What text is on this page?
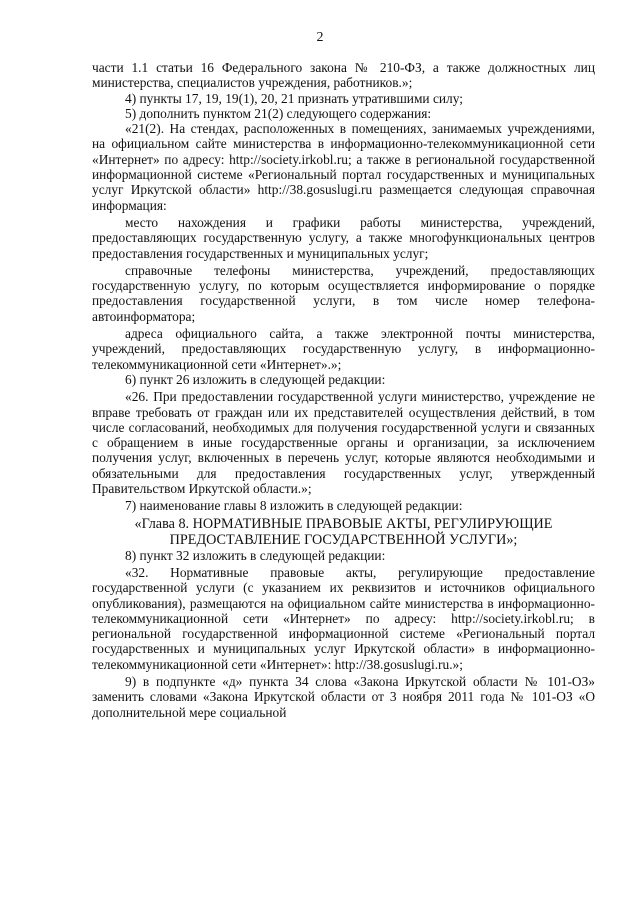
2

части 1.1 статьи 16 Федерального закона № 210-ФЗ, а также должностных лиц министерства, специалистов учреждения, работников.»;

4) пункты 17, 19, 19(1), 20, 21 признать утратившими силу;

5) дополнить пунктом 21(2) следующего содержания:

«21(2). На стендах, расположенных в помещениях, занимаемых учреждениями, на официальном сайте министерства в информационно-телекоммуникационной сети «Интернет» по адресу: http://society.irkobl.ru; а также в региональной государственной информационной системе «Региональный портал государственных и муниципальных услуг Иркутской области» http://38.gosuslugi.ru размещается следующая справочная информация:

место нахождения и графики работы министерства, учреждений, предоставляющих государственную услугу, а также многофункциональных центров предоставления государственных и муниципальных услуг;

справочные телефоны министерства, учреждений, предоставляющих государственную услугу, по которым осуществляется информирование о порядке предоставления государственной услуги, в том числе номер телефона-автоинформатора;

адреса официального сайта, а также электронной почты министерства, учреждений, предоставляющих государственную услугу, в информационно-телекоммуникационной сети «Интернет».»;

6) пункт 26 изложить в следующей редакции:

«26. При предоставлении государственной услуги министерство, учреждение не вправе требовать от граждан или их представителей осуществления действий, в том числе согласований, необходимых для получения государственной услуги и связанных с обращением в иные государственные органы и организации, за исключением получения услуг, включенных в перечень услуг, которые являются необходимыми и обязательными для предоставления государственных услуг, утвержденный Правительством Иркутской области.»;

7) наименование главы 8 изложить в следующей редакции:

«Глава 8. НОРМАТИВНЫЕ ПРАВОВЫЕ АКТЫ, РЕГУЛИРУЮЩИЕ ПРЕДОСТАВЛЕНИЕ ГОСУДАРСТВЕННОЙ УСЛУГИ»;

8) пункт 32 изложить в следующей редакции:

«32. Нормативные правовые акты, регулирующие предоставление государственной услуги (с указанием их реквизитов и источников официального опубликования), размещаются на официальном сайте министерства в информационно-телекоммуникационной сети «Интернет» по адресу: http://society.irkobl.ru; в региональной государственной информационной системе «Региональный портал государственных и муниципальных услуг Иркутской области» в информационно-телекоммуникационной сети «Интернет»: http://38.gosuslugi.ru.»;

9) в подпункте «д» пункта 34 слова «Закона Иркутской области № 101-ОЗ» заменить словами «Закона Иркутской области от 3 ноября 2011 года № 101-ОЗ «О дополнительной мере социальной
